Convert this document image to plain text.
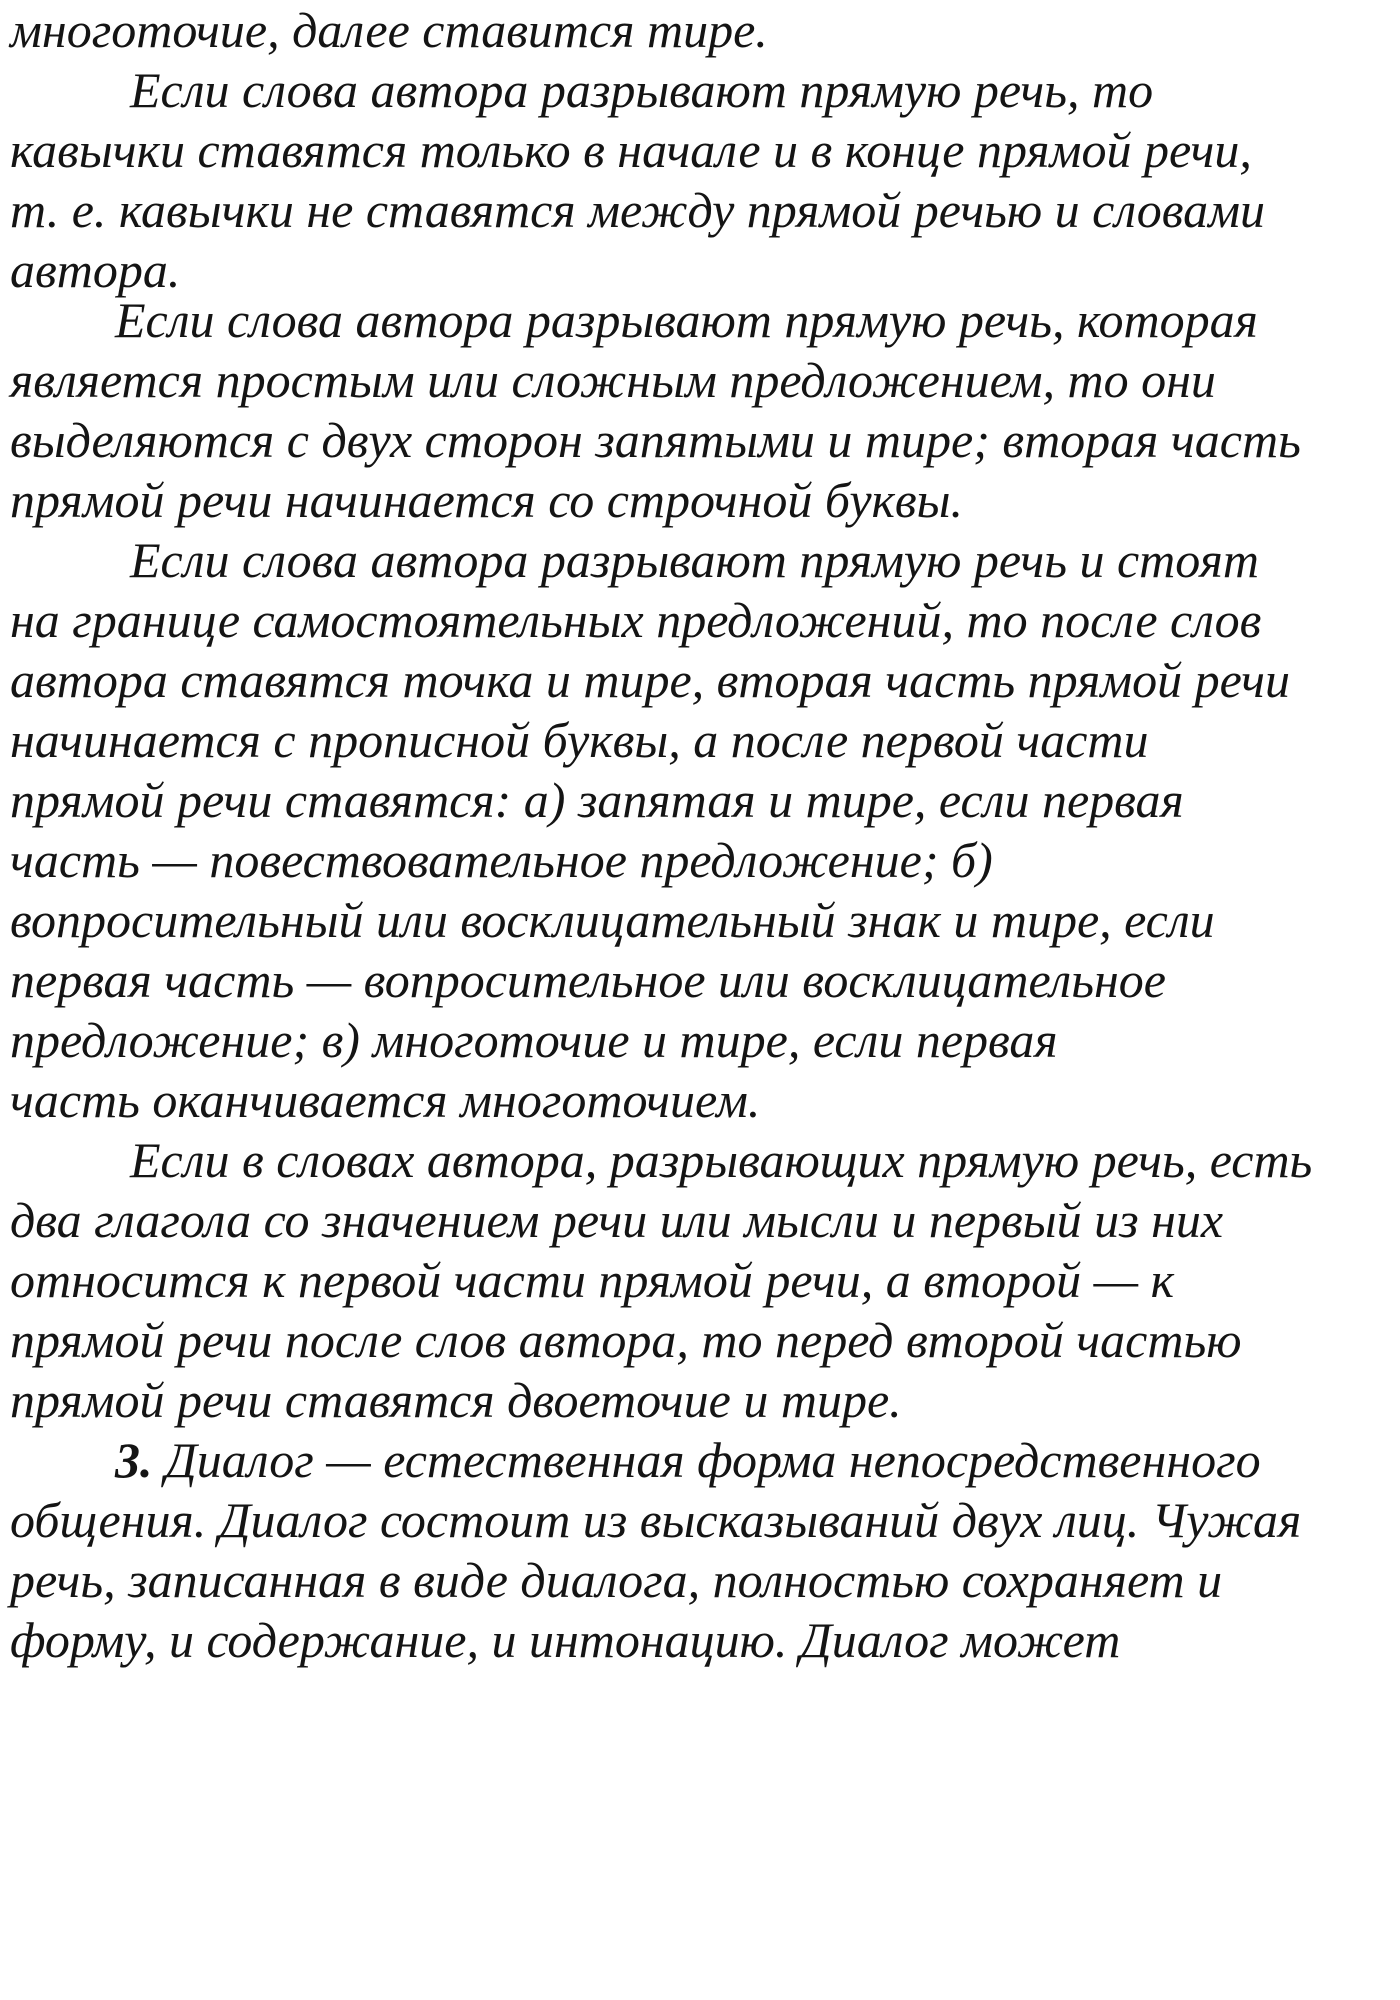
многоточие, далее ставится тире.

Если слова автора разрывают прямую речь, то

кавычки ставятся только в начале и в конце прямой речи,

т. е. кавычки не ставятся между прямой речью и словами

автора.

Если слова автора разрывают прямую речь, которая

является простым или сложным предложением, то они

выделяются с двух сторон запятыми и тире; вторая часть

прямой речи начинается со строчной буквы.

Если слова автора разрывают прямую речь и стоят

на границе самостоятельных предложений, то после слов

автора ставятся точка и тире, вторая часть прямой речи

начинается с прописной буквы, а после первой части

прямой речи ставятся: а) запятая и тире, если первая

часть — повествовательное предложение; б)

вопросительный или восклицательный знак и тире, если

первая часть — вопросительное или восклицательное

предложение; в) многоточие и тире, если первая

часть оканчивается многоточием.

Если в словах автора, разрывающих прямую речь, есть

два глагола со значением речи или мысли и первый из них

относится к первой части прямой речи, а второй — к

прямой речи после слов автора, то перед второй частью

прямой речи ставятся двоеточие и тире.

3. Диалог — естественная форма непосредственного

общения. Диалог состоит из высказываний двух лиц. Чужая

речь, записанная в виде диалога, полностью сохраняет и

форму, и содержание, и интонацию. Диалог может
